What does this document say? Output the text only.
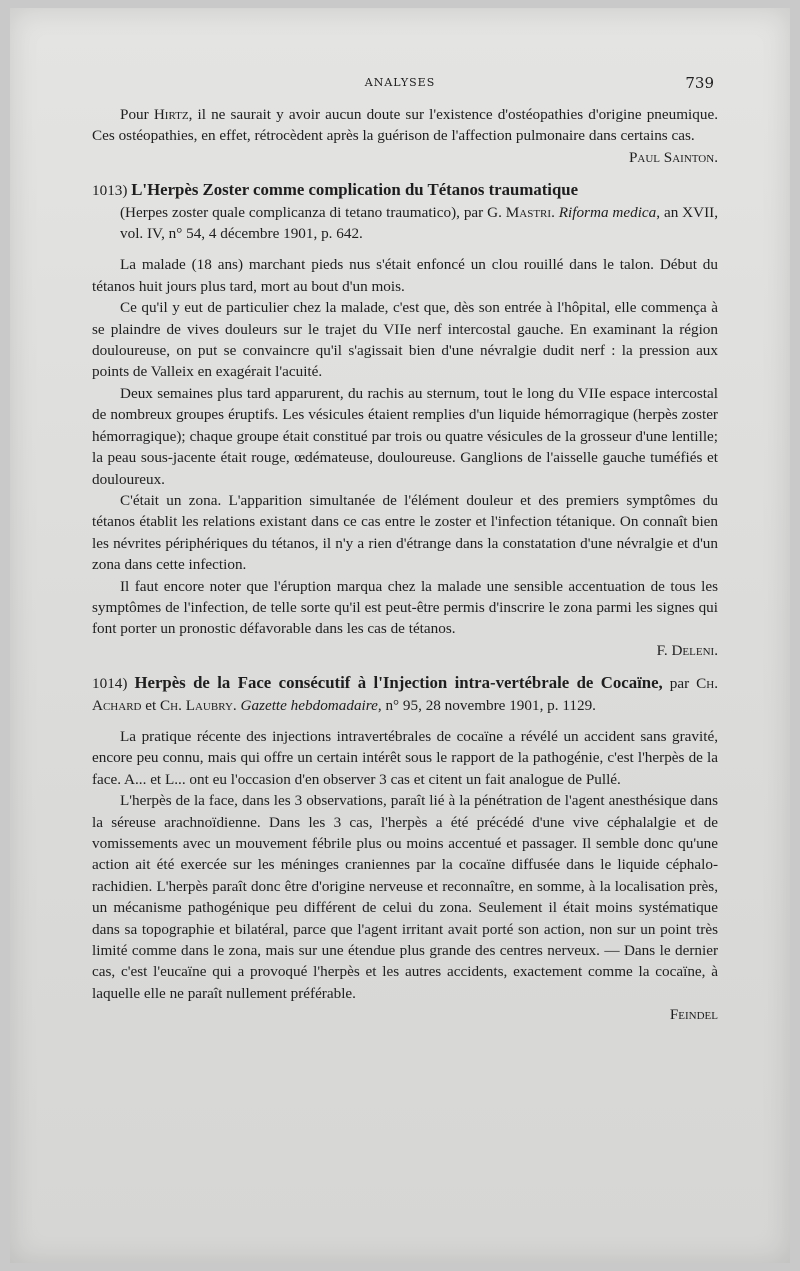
ANALYSES	739

Pour Hirtz, il ne saurait y avoir aucun doute sur l'existence d'ostéopathies d'origine pneumique. Ces ostéopathies, en effet, rétrocèdent après la guérison de l'affection pulmonaire dans certains cas.

Paul Sainton.

1013) L'Herpès Zoster comme complication du Tétanos traumatique

(Herpes zoster quale complicanza di tetano traumatico), par G. Mastri. Riforma medica, an XVII, vol. IV, n° 54, 4 décembre 1901, p. 642.

La malade (18 ans) marchant pieds nus s'était enfoncé un clou rouillé dans le talon. Début du tétanos huit jours plus tard, mort au bout d'un mois.

Ce qu'il y eut de particulier chez la malade, c'est que, dès son entrée à l'hôpital, elle commença à se plaindre de vives douleurs sur le trajet du VIIe nerf intercostal gauche. En examinant la région douloureuse, on put se convaincre qu'il s'agissait bien d'une névralgie dudit nerf : la pression aux points de Valleix en exagérait l'acuité.

Deux semaines plus tard apparurent, du rachis au sternum, tout le long du VIIe espace intercostal de nombreux groupes éruptifs. Les vésicules étaient remplies d'un liquide hémorragique (herpès zoster hémorragique); chaque groupe était constitué par trois ou quatre vésicules de la grosseur d'une lentille; la peau sous-jacente était rouge, œdémateuse, douloureuse. Ganglions de l'aisselle gauche tuméfiés et douloureux.

C'était un zona. L'apparition simultanée de l'élément douleur et des premiers symptômes du tétanos établit les relations existant dans ce cas entre le zoster et l'infection tétanique. On connaît bien les névrites périphériques du tétanos, il n'y a rien d'étrange dans la constatation d'une névralgie et d'un zona dans cette infection.

Il faut encore noter que l'éruption marqua chez la malade une sensible accentuation de tous les symptômes de l'infection, de telle sorte qu'il est peut-être permis d'inscrire le zona parmi les signes qui font porter un pronostic défavorable dans les cas de tétanos.

F. Deleni.

1014) Herpès de la Face consécutif à l'Injection intra-vertébrale de Cocaïne, par Ch. Achard et Ch. Laubry. Gazette hebdomadaire, n° 95, 28 novembre 1901, p. 1129.

La pratique récente des injections intravertébrales de cocaïne a révélé un accident sans gravité, encore peu connu, mais qui offre un certain intérêt sous le rapport de la pathogénie, c'est l'herpès de la face. A... et L... ont eu l'occasion d'en observer 3 cas et citent un fait analogue de Pullé.

L'herpès de la face, dans les 3 observations, paraît lié à la pénétration de l'agent anesthésique dans la séreuse arachnoïdienne. Dans les 3 cas, l'herpès a été précédé d'une vive céphalalgie et de vomissements avec un mouvement fébrile plus ou moins accentué et passager. Il semble donc qu'une action ait été exercée sur les méninges craniennes par la cocaïne diffusée dans le liquide céphalo-rachidien. L'herpès paraît donc être d'origine nerveuse et reconnaître, en somme, à la localisation près, un mécanisme pathogénique peu différent de celui du zona. Seulement il était moins systématique dans sa topographie et bilatéral, parce que l'agent irritant avait porté son action, non sur un point très limité comme dans le zona, mais sur une étendue plus grande des centres nerveux. — Dans le dernier cas, c'est l'eucaïne qui a provoqué l'herpès et les autres accidents, exactement comme la cocaïne, à laquelle elle ne paraît nullement préférable.

Feindel
